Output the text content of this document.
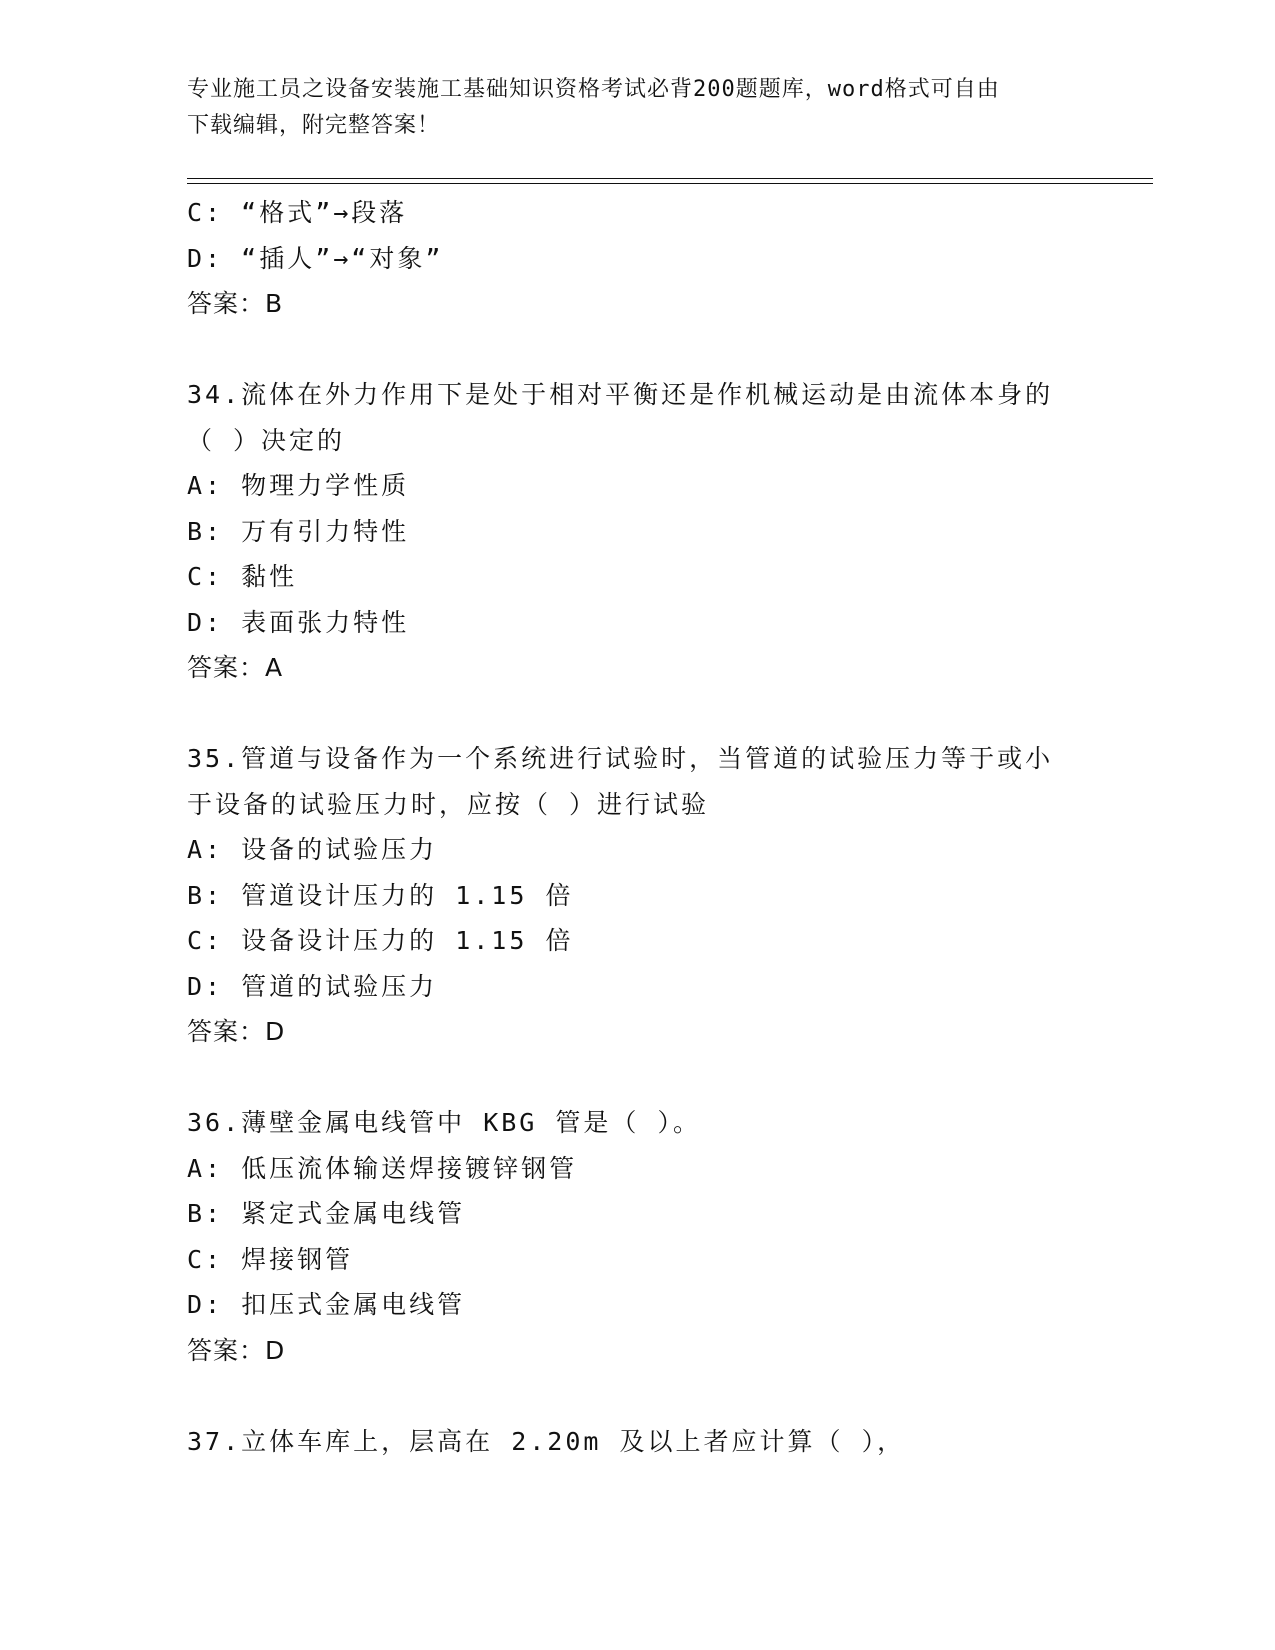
专业施工员之设备安装施工基础知识资格考试必背200题题库，word格式可自由
下载编辑，附完整答案！
C: “格式”→段落
D: “插人”→“对象”
答案：B
34.流体在外力作用下是处于相对平衡还是作机械运动是由流体本身的
（ ）决定的
A: 物理力学性质
B: 万有引力特性
C: 黏性
D: 表面张力特性
答案：A
35.管道与设备作为一个系统进行试验时，当管道的试验压力等于或小
于设备的试验压力时，应按（ ）进行试验
A: 设备的试验压力
B: 管道设计压力的 1.15 倍
C: 设备设计压力的 1.15 倍
D: 管道的试验压力
答案：D
36.薄壁金属电线管中 KBG 管是（ ）。
A: 低压流体输送焊接镀锌钢管
B: 紧定式金属电线管
C: 焊接钢管
D: 扣压式金属电线管
答案：D
37.立体车库上，层高在 2.20m 及以上者应计算（ ），
